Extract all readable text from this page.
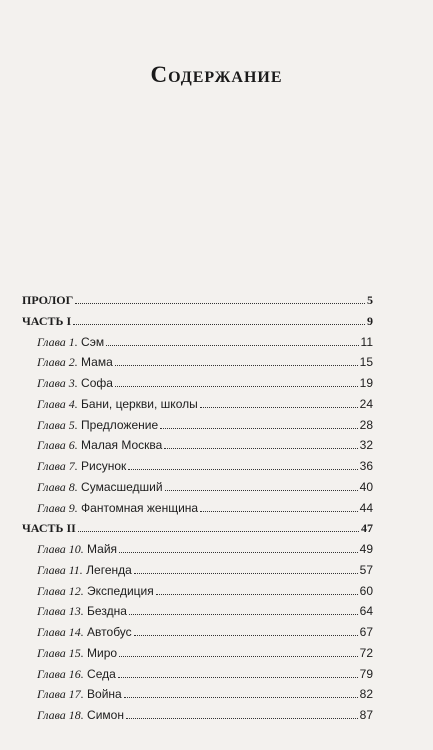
Содержание
ПРОЛОГ	5
ЧАСТЬ I	9
Глава 1. Сэм	11
Глава 2. Мама	15
Глава 3. Софа	19
Глава 4. Бани, церкви, школы	24
Глава 5. Предложение	28
Глава 6. Малая Москва	32
Глава 7. Рисунок	36
Глава 8. Сумасшедший	40
Глава 9. Фантомная женщина	44
ЧАСТЬ II	47
Глава 10. Майя	49
Глава 11. Легенда	57
Глава 12. Экспедиция	60
Глава 13. Бездна	64
Глава 14. Автобус	67
Глава 15. Миро	72
Глава 16. Седа	79
Глава 17. Война	82
Глава 18. Симон	87
